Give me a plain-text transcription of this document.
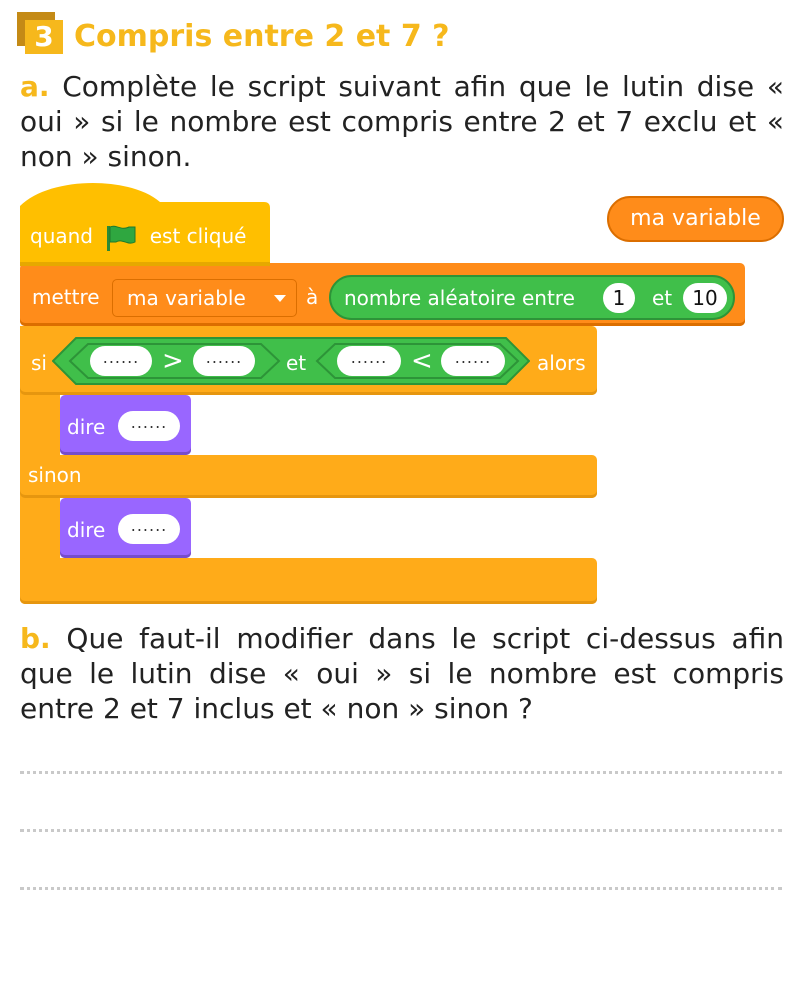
3 Compris entre 2 et 7 ?

a. Complète le script suivant afin que le lutin dise « oui » si le nombre est compris entre 2 et 7 exclu et « non » sinon.

quand	est cliqué
mettre	ma variable	à nombre aléatoire entre	1	et	10
ma variable
si	...... >	......	et	...... <	......	alors
sinon
dire	......
dire	......

b. Que faut-il modifier dans le script ci-dessus afin que le lutin dise « oui » si le nombre est compris entre 2 et 7 inclus et « non » sinon ?
